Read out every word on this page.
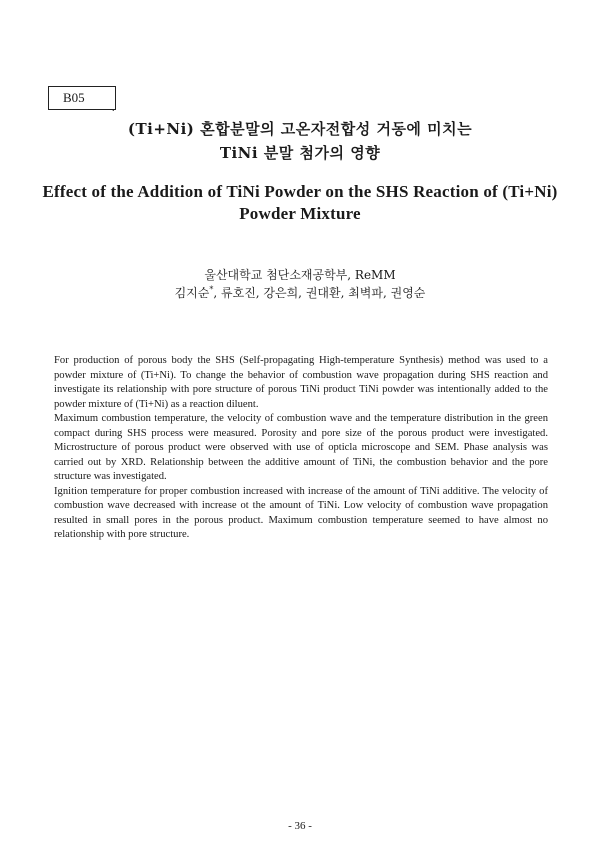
B05
.
(Ti+Ni) 혼합분말의 고온자전합성 거동에 미치는
TiNi 분말 첨가의 영향
Effect of the Addition of TiNi Powder on the SHS Reaction of (Ti+Ni)
Powder Mixture
울산대학교 첨단소재공학부, ReMM
김지순*, 류호진, 강은희, 권대환, 최벽파, 권영순

For production of porous body the SHS (Self-propagating High-temperature Synthesis) method was used to a powder mixture of (Ti+Ni). To change the behavior of combustion wave propagation during SHS reaction and investigate its relationship with pore structure of porous TiNi product TiNi powder was intentionally added to the powder mixture of (Ti+Ni) as a reaction diluent.

Maximum combustion temperature, the velocity of combustion wave and the temperature distribution in the green compact during SHS process were measured. Porosity and pore size of the porous product were investigated. Microstructure of porous product were observed with use of opticla microscope and SEM. Phase analysis was carried out by XRD. Relationship between the additive amount of TiNi, the combustion behavior and the pore structure was investigated.

Ignition temperature for proper combustion increased with increase of the amount of TiNi additive. The velocity of combustion wave decreased with increase ot the amount of TiNi. Low velocity of combustion wave propagation resulted in small pores in the porous product. Maximum combustion temperature seemed to have almost no relationship with pore structure.

- 36 -
